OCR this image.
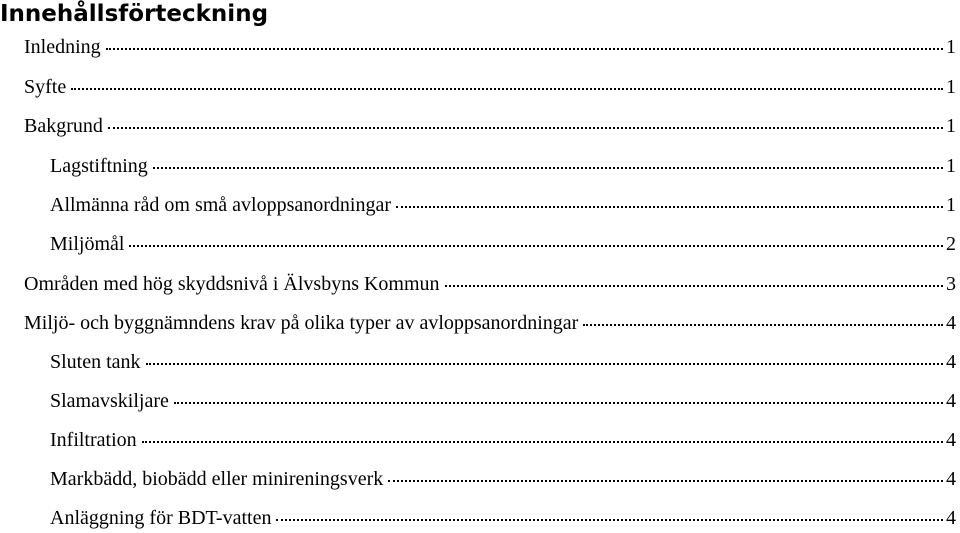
Innehållsförteckning
Inledning	1
Syfte	1
Bakgrund	1
Lagstiftning	1
Allmänna råd om små avloppsanordningar	1
Miljömål	2
Områden med hög skyddsnivå i Älvsbyns Kommun	3
Miljö- och byggnämndens krav på olika typer av avloppsanordningar	4
Sluten tank	4
Slamavskiljare	4
Infiltration	4
Markbädd, biobädd eller minireningsverk	4
Anläggning för BDT-vatten	4
